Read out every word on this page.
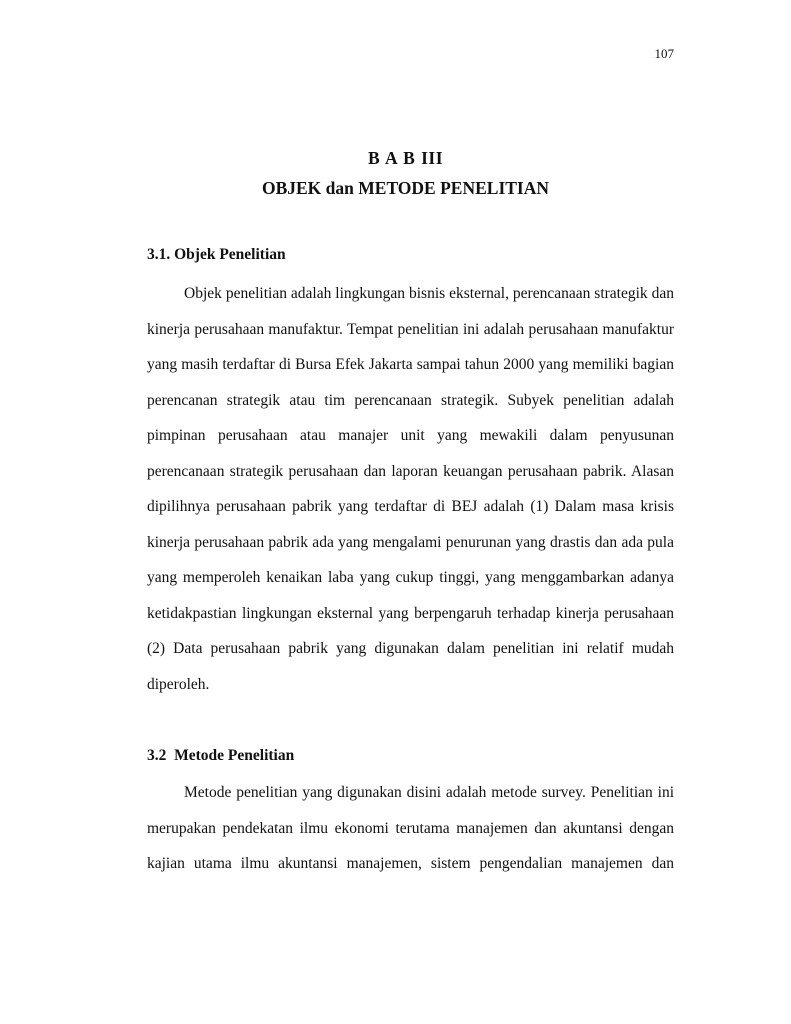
107
B A B III
OBJEK dan METODE PENELITIAN
3.1. Objek Penelitian
Objek penelitian adalah lingkungan bisnis eksternal, perencanaan strategik dan
kinerja perusahaan manufaktur. Tempat penelitian ini adalah perusahaan manufaktur
yang masih terdaftar di Bursa Efek Jakarta sampai tahun 2000 yang memiliki bagian
perencanan strategik atau tim perencanaan strategik. Subyek penelitian adalah
pimpinan perusahaan atau manajer unit yang mewakili dalam penyusunan
perencanaan strategik perusahaan dan laporan keuangan perusahaan pabrik. Alasan
dipilihnya perusahaan pabrik yang terdaftar di BEJ adalah (1) Dalam masa krisis
kinerja perusahaan pabrik ada yang mengalami penurunan yang drastis dan ada pula
yang memperoleh kenaikan laba yang cukup tinggi, yang menggambarkan adanya
ketidakpastian lingkungan eksternal yang berpengaruh terhadap kinerja perusahaan
(2) Data perusahaan pabrik yang digunakan dalam penelitian ini relatif mudah
diperoleh.
3.2  Metode Penelitian
Metode penelitian yang digunakan disini adalah metode survey. Penelitian ini
merupakan pendekatan ilmu ekonomi terutama manajemen dan akuntansi dengan
kajian utama ilmu akuntansi manajemen, sistem pengendalian manajemen dan
